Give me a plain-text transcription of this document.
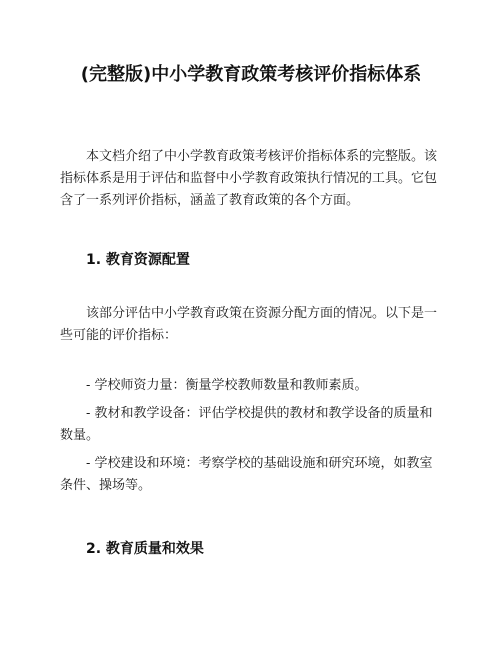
(完整版)中小学教育政策考核评价指标体系

本文档介绍了中小学教育政策考核评价指标体系的完整版。该指标体系是用于评估和监督中小学教育政策执行情况的工具。它包含了一系列评价指标，涵盖了教育政策的各个方面。

1. 教育资源配置

该部分评估中小学教育政策在资源分配方面的情况。以下是一些可能的评价指标：

- 学校师资力量：衡量学校教师数量和教师素质。

- 教材和教学设备：评估学校提供的教材和教学设备的质量和数量。

- 学校建设和环境：考察学校的基础设施和研究环境，如教室条件、操场等。

2. 教育质量和效果
